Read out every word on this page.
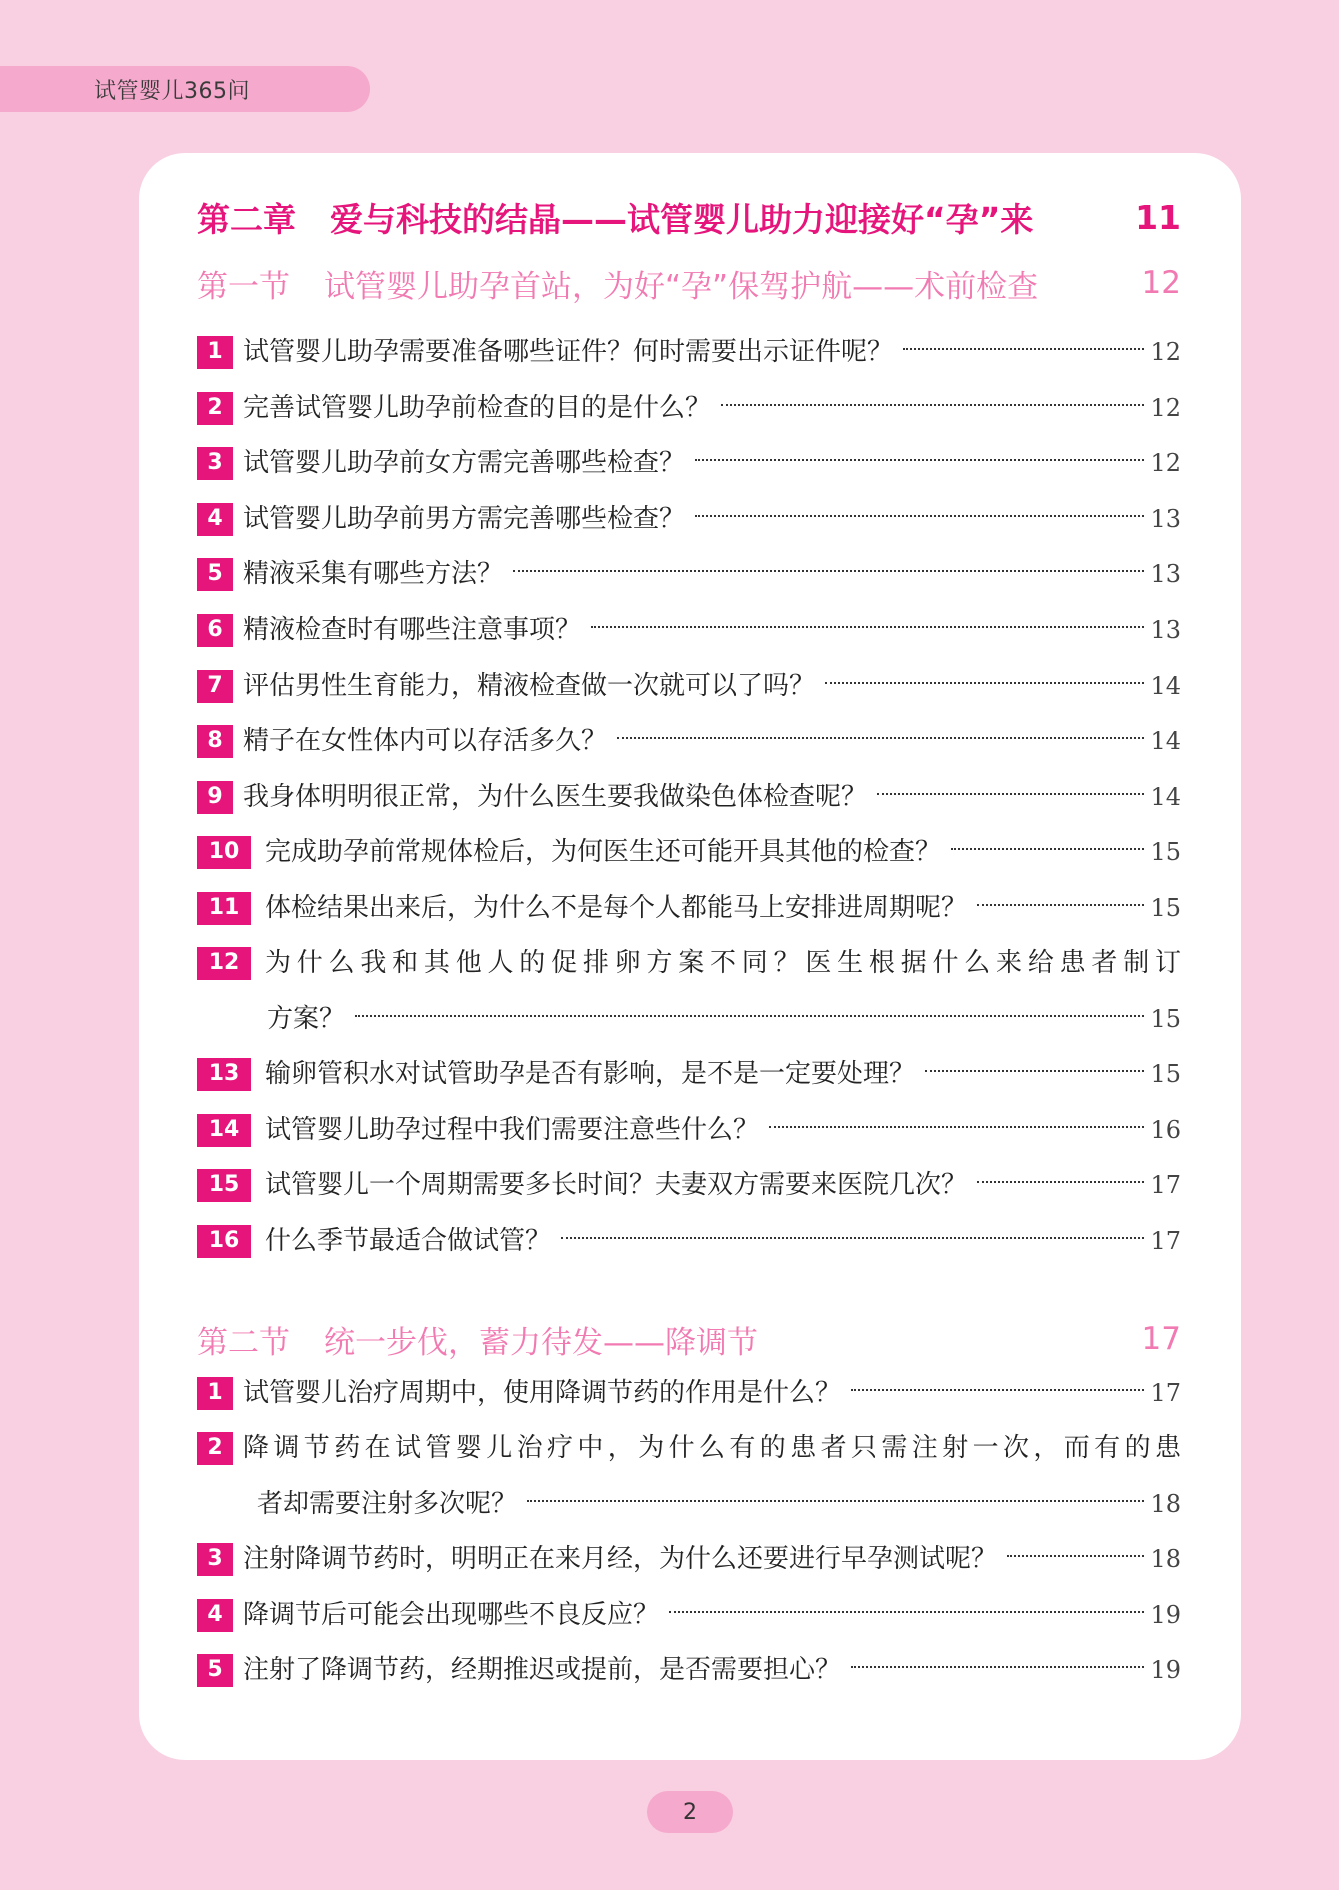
试管婴儿365问
第二章 爱与科技的结晶——试管婴儿助力迎接好“孕”来	11
第一节 试管婴儿助孕首站，为好“孕”保驾护航——术前检查	12
1 试管婴儿助孕需要准备哪些证件？何时需要出示证件呢？	12
2 完善试管婴儿助孕前检查的目的是什么？	12
3 试管婴儿助孕前女方需完善哪些检查？	12
4 试管婴儿助孕前男方需完善哪些检查？	13
5 精液采集有哪些方法？	13
6 精液检查时有哪些注意事项？	13
7 评估男性生育能力，精液检查做一次就可以了吗？	14
8 精子在女性体内可以存活多久？	14
9 我身体明明很正常，为什么医生要我做染色体检查呢？	14
10 完成助孕前常规体检后，为何医生还可能开具其他的检查？	15
11 体检结果出来后，为什么不是每个人都能马上安排进周期呢？	15
12 为什么我和其他人的促排卵方案不同？医生根据什么来给患者制订
方案？	15
13 输卵管积水对试管助孕是否有影响，是不是一定要处理？	15
14 试管婴儿助孕过程中我们需要注意些什么？	16
15 试管婴儿一个周期需要多长时间？夫妻双方需要来医院几次？	17
16 什么季节最适合做试管？	17
第二节 统一步伐，蓄力待发——降调节	17
1 试管婴儿治疗周期中，使用降调节药的作用是什么？	17
2 降调节药在试管婴儿治疗中，为什么有的患者只需注射一次，而有的患
者却需要注射多次呢？	18
3 注射降调节药时，明明正在来月经，为什么还要进行早孕测试呢？	18
4 降调节后可能会出现哪些不良反应？	19
5 注射了降调节药，经期推迟或提前，是否需要担心？	19
2
